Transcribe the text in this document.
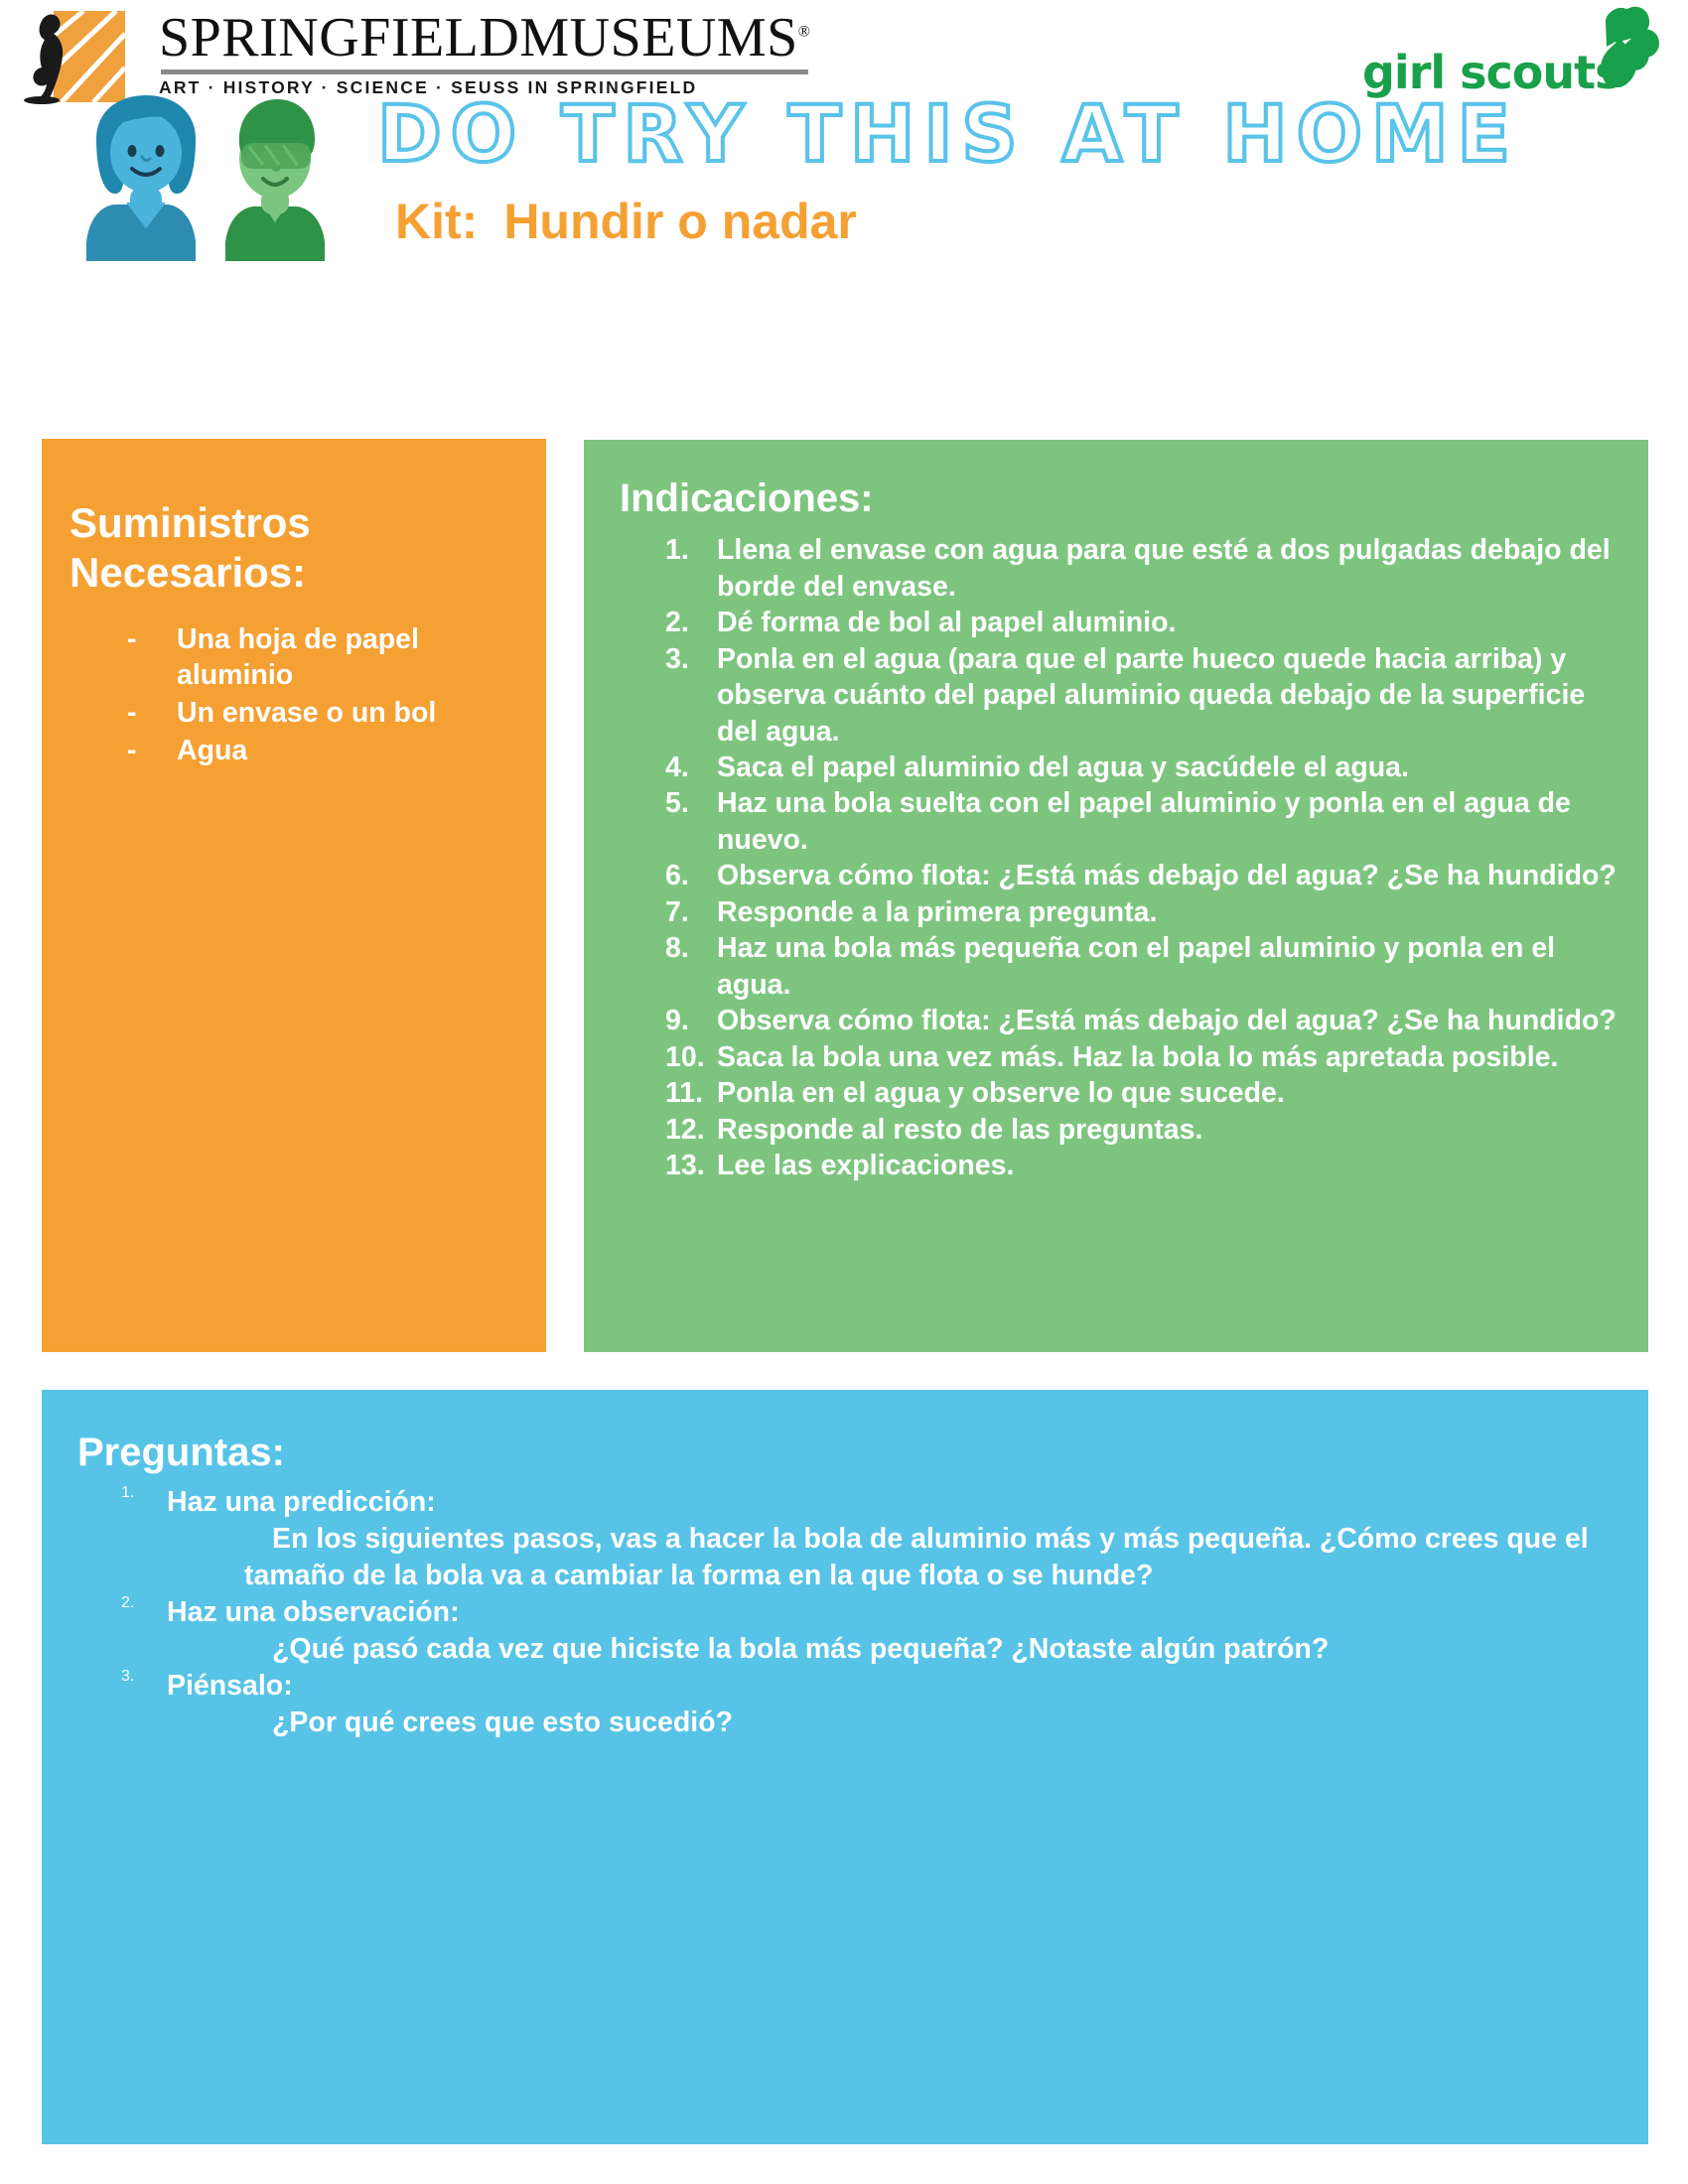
SPRINGFIELDMUSEUMS®
ART · HISTORY · SCIENCE · SEUSS IN SPRINGFIELD	girl scouts
DO TRY THIS AT HOME
Kit: Hundir o nadar
Suministros Necesarios:
- Una hoja de papel aluminio
- Un envase o un bol
- Agua
Indicaciones:
Llena el envase con agua para que esté a dos pulgadas debajo del borde del envase.
Dé forma de bol al papel aluminio.
Ponla en el agua (para que el parte hueco quede hacia arriba) y observa cuánto del papel aluminio queda debajo de la superficie del agua.
Saca el papel aluminio del agua y sacúdele el agua.
Haz una bola suelta con el papel aluminio y ponla en el agua de nuevo.
Observa cómo flota: ¿Está más debajo del agua? ¿Se ha hundido?
Responde a la primera pregunta.
Haz una bola más pequeña con el papel aluminio y ponla en el agua.
Observa cómo flota: ¿Está más debajo del agua? ¿Se ha hundido?
Saca la bola una vez más. Haz la bola lo más apretada posible.
Ponla en el agua y observe lo que sucede.
Responde al resto de las preguntas.
Lee las explicaciones.
Preguntas:
Haz una predicción:
En los siguientes pasos, vas a hacer la bola de aluminio más y más pequeña. ¿Cómo crees que el tamaño de la bola va a cambiar la forma en la que flota o se hunde?
Haz una observación:
¿Qué pasó cada vez que hiciste la bola más pequeña? ¿Notaste algún patrón?
Piénsalo:
¿Por qué crees que esto sucedió?
